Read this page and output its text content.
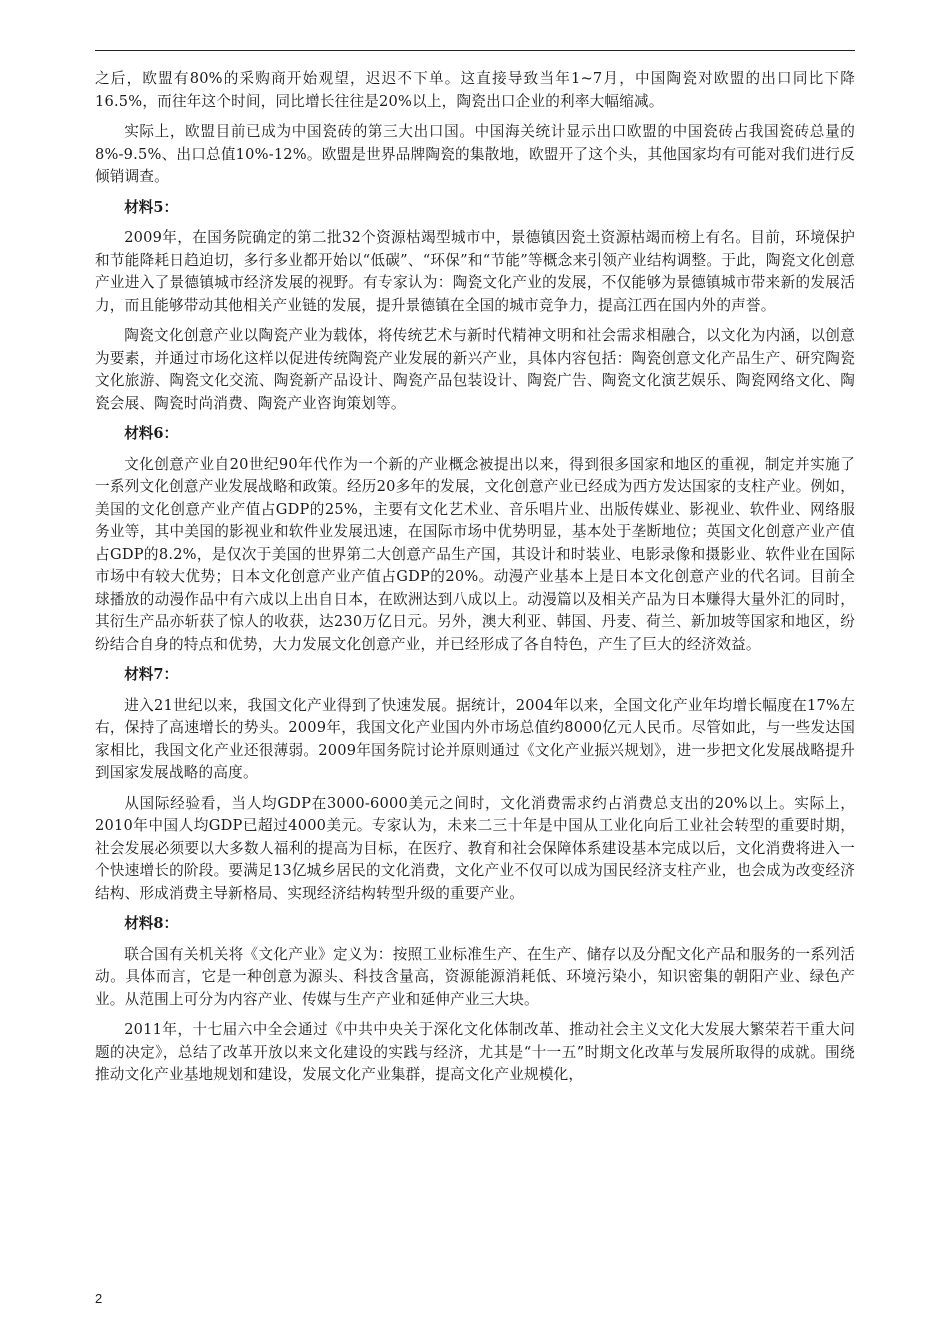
之后，欧盟有80%的采购商开始观望，迟迟不下单。这直接导致当年1~7月，中国陶瓷对欧盟的出口同比下降16.5%，而往年这个时间，同比增长往往是20%以上，陶瓷出口企业的利率大幅缩减。

实际上，欧盟目前已成为中国瓷砖的第三大出口国。中国海关统计显示出口欧盟的中国瓷砖占我国瓷砖总量的8%-9.5%、出口总值10%-12%。欧盟是世界品牌陶瓷的集散地，欧盟开了这个头，其他国家均有可能对我们进行反倾销调查。

材料5：

2009年，在国务院确定的第二批32个资源枯竭型城市中，景德镇因瓷土资源枯竭而榜上有名。目前，环境保护和节能降耗日趋迫切，多行多业都开始以“低碳”、“环保”和“节能”等概念来引领产业结构调整。于此，陶瓷文化创意产业进入了景德镇城市经济发展的视野。有专家认为：陶瓷文化产业的发展，不仅能够为景德镇城市带来新的发展活力，而且能够带动其他相关产业链的发展，提升景德镇在全国的城市竞争力，提高江西在国内外的声誉。

陶瓷文化创意产业以陶瓷产业为载体，将传统艺术与新时代精神文明和社会需求相融合，以文化为内涵，以创意为要素，并通过市场化这样以促进传统陶瓷产业发展的新兴产业，具体内容包括：陶瓷创意文化产品生产、研究陶瓷文化旅游、陶瓷文化交流、陶瓷新产品设计、陶瓷产品包装设计、陶瓷广告、陶瓷文化演艺娱乐、陶瓷网络文化、陶瓷会展、陶瓷时尚消费、陶瓷产业咨询策划等。

材料6：

文化创意产业自20世纪90年代作为一个新的产业概念被提出以来，得到很多国家和地区的重视，制定并实施了一系列文化创意产业发展战略和政策。经历20多年的发展，文化创意产业已经成为西方发达国家的支柱产业。例如，美国的文化创意产业产值占GDP的25%，主要有文化艺术业、音乐唱片业、出版传媒业、影视业、软件业、网络服务业等，其中美国的影视业和软件业发展迅速，在国际市场中优势明显，基本处于垄断地位；英国文化创意产业产值占GDP的8.2%，是仅次于美国的世界第二大创意产品生产国，其设计和时装业、电影录像和摄影业、软件业在国际市场中有较大优势；日本文化创意产业产值占GDP的20%。动漫产业基本上是日本文化创意产业的代名词。目前全球播放的动漫作品中有六成以上出自日本，在欧洲达到八成以上。动漫篇以及相关产品为日本赚得大量外汇的同时，其衍生产品亦斩获了惊人的收获，达230万亿日元。另外，澳大利亚、韩国、丹麦、荷兰、新加坡等国家和地区，纷纷结合自身的特点和优势，大力发展文化创意产业，并已经形成了各自特色，产生了巨大的经济效益。

材料7：

进入21世纪以来，我国文化产业得到了快速发展。据统计，2004年以来，全国文化产业年均增长幅度在17%左右，保持了高速增长的势头。2009年，我国文化产业国内外市场总值约8000亿元人民币。尽管如此，与一些发达国家相比，我国文化产业还很薄弱。2009年国务院讨论并原则通过《文化产业振兴规划》，进一步把文化发展战略提升到国家发展战略的高度。

从国际经验看，当人均GDP在3000-6000美元之间时，文化消费需求约占消费总支出的20%以上。实际上，2010年中国人均GDP已超过4000美元。专家认为，未来二三十年是中国从工业化向后工业社会转型的重要时期，社会发展必须要以大多数人福利的提高为目标，在医疗、教育和社会保障体系建设基本完成以后，文化消费将进入一个快速增长的阶段。要满足13亿城乡居民的文化消费，文化产业不仅可以成为国民经济支柱产业，也会成为改变经济结构、形成消费主导新格局、实现经济结构转型升级的重要产业。

材料8：

联合国有关机关将《文化产业》定义为：按照工业标准生产、在生产、储存以及分配文化产品和服务的一系列活动。具体而言，它是一种创意为源头、科技含量高，资源能源消耗低、环境污染小，知识密集的朝阳产业、绿色产业。从范围上可分为内容产业、传媒与生产产业和延伸产业三大块。

2011年，十七届六中全会通过《中共中央关于深化文化体制改革、推动社会主义文化大发展大繁荣若干重大问题的决定》，总结了改革开放以来文化建设的实践与经济，尤其是“十一五”时期文化改革与发展所取得的成就。围绕推动文化产业基地规划和建设，发展文化产业集群，提高文化产业规模化，

2
